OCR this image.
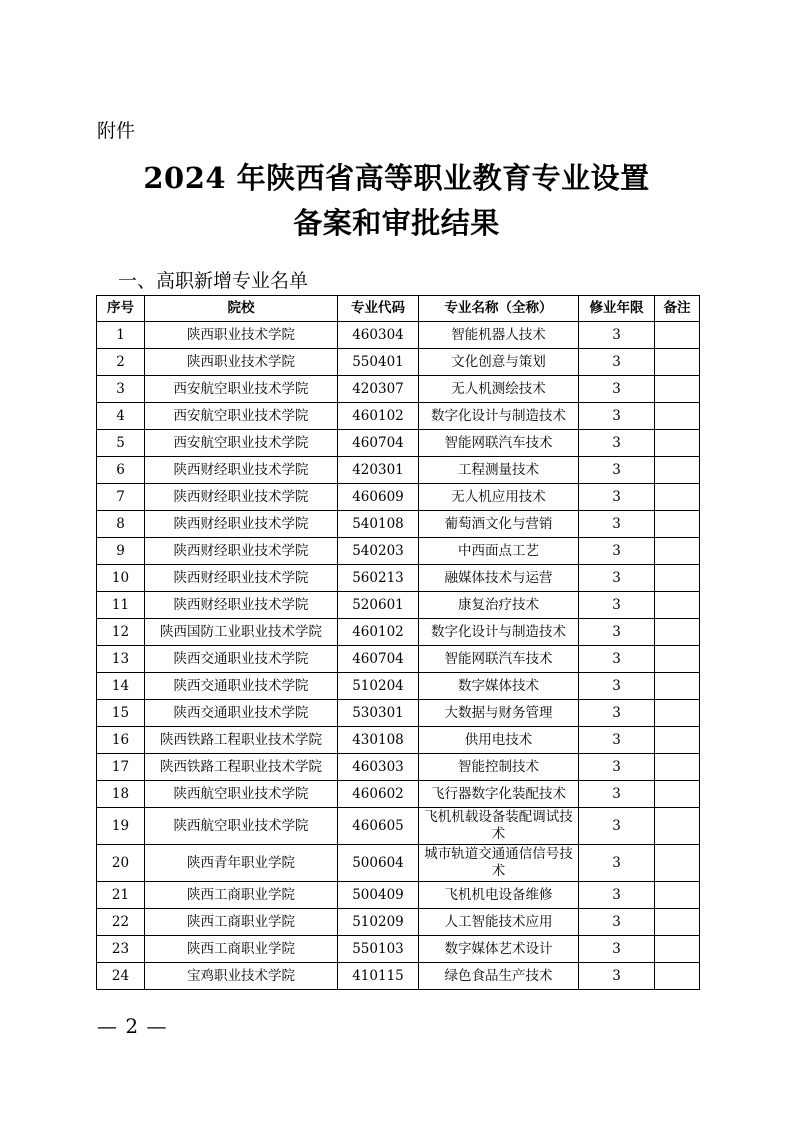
附件
2024 年陕西省高等职业教育专业设置
备案和审批结果
一、高职新增专业名单
序号	院校	专业代码	专业名称（全称）	修业年限	备注
1	陕西职业技术学院	460304	智能机器人技术	3	
2	陕西职业技术学院	550401	文化创意与策划	3	
3	西安航空职业技术学院	420307	无人机测绘技术	3	
4	西安航空职业技术学院	460102	数字化设计与制造技术	3	
5	西安航空职业技术学院	460704	智能网联汽车技术	3	
6	陕西财经职业技术学院	420301	工程测量技术	3	
7	陕西财经职业技术学院	460609	无人机应用技术	3	
8	陕西财经职业技术学院	540108	葡萄酒文化与营销	3	
9	陕西财经职业技术学院	540203	中西面点工艺	3	
10	陕西财经职业技术学院	560213	融媒体技术与运营	3	
11	陕西财经职业技术学院	520601	康复治疗技术	3	
12	陕西国防工业职业技术学院	460102	数字化设计与制造技术	3	
13	陕西交通职业技术学院	460704	智能网联汽车技术	3	
14	陕西交通职业技术学院	510204	数字媒体技术	3	
15	陕西交通职业技术学院	530301	大数据与财务管理	3	
16	陕西铁路工程职业技术学院	430108	供用电技术	3	
17	陕西铁路工程职业技术学院	460303	智能控制技术	3	
18	陕西航空职业技术学院	460602	飞行器数字化装配技术	3	
19	陕西航空职业技术学院	460605	飞机机载设备装配调试技术	3	
20	陕西青年职业学院	500604	城市轨道交通通信信号技术	3	
21	陕西工商职业学院	500409	飞机机电设备维修	3	
22	陕西工商职业学院	510209	人工智能技术应用	3	
23	陕西工商职业学院	550103	数字媒体艺术设计	3	
24	宝鸡职业技术学院	410115	绿色食品生产技术	3	
— 2 —
